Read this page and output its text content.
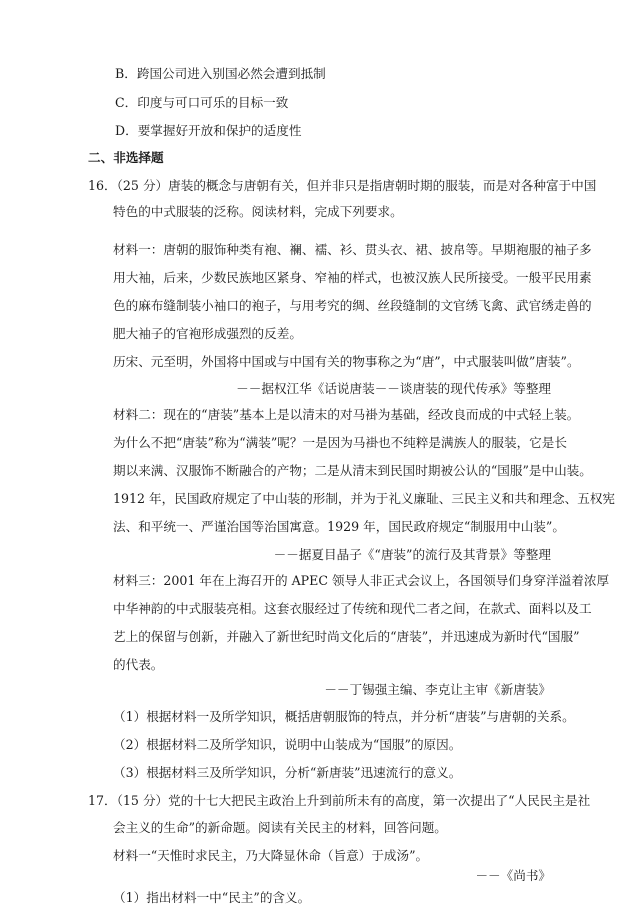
B．跨国公司进入别国必然会遭到抵制
C．印度与可口可乐的目标一致
D．要掌握好开放和保护的适度性
二、非选择题
16．（25 分）唐装的概念与唐朝有关，但并非只是指唐朝时期的服装，而是对各种富于中国
特色的中式服装的泛称。阅读材料，完成下列要求。
材料一：唐朝的服饰种类有袍、襕、襦、衫、贯头衣、裙、披帛等。早期袍服的袖子多
用大袖，后来，少数民族地区紧身、窄袖的样式，也被汉族人民所接受。一般平民用素
色的麻布缝制装小袖口的袍子，与用考究的绸、丝段缝制的文官绣飞禽、武官绣走兽的
肥大袖子的官袍形成强烈的反差。
历宋、元至明，外国将中国或与中国有关的物事称之为“唐”，中式服装叫做”唐装”。
－－据权江华《话说唐装－－谈唐装的现代传承》等整理
材料二：现在的“唐装”基本上是以清末的对马褂为基础，经改良而成的中式轻上装。
为什么不把“唐装”称为“满装”呢？一是因为马褂也不纯粹是满族人的服装，它是长
期以来满、汉服饰不断融合的产物；二是从清末到民国时期被公认的“国服”是中山装。
1912 年，民国政府规定了中山装的形制，并为于礼义廉耻、三民主义和共和理念、五权宪
法、和平统一、严谨治国等治国寓意。1929 年，国民政府规定“制服用中山装”。
－－据夏目晶子《“唐装”的流行及其背景》等整理
材料三：2001 年在上海召开的 APEC 领导人非正式会议上，各国领导们身穿洋溢着浓厚
中华神韵的中式服装亮相。这套衣服经过了传统和现代二者之间，在款式、面料以及工
艺上的保留与创新，并融入了新世纪时尚文化后的“唐装”，并迅速成为新时代“国服”
的代表。
－－丁锡强主编、李克让主审《新唐装》
（1）根据材料一及所学知识，概括唐朝服饰的特点，并分析“唐装”与唐朝的关系。
（2）根据材料二及所学知识，说明中山装成为“国服”的原因。
（3）根据材料三及所学知识，分析“新唐装”迅速流行的意义。
17．（15 分）党的十七大把民主政治上升到前所未有的高度，第一次提出了“人民民主是社
会主义的生命”的新命题。阅读有关民主的材料，回答问题。
材料一“天惟时求民主，乃大降显休命（旨意）于成汤”。
－－《尚书》
（1）指出材料一中“民主”的含义。
